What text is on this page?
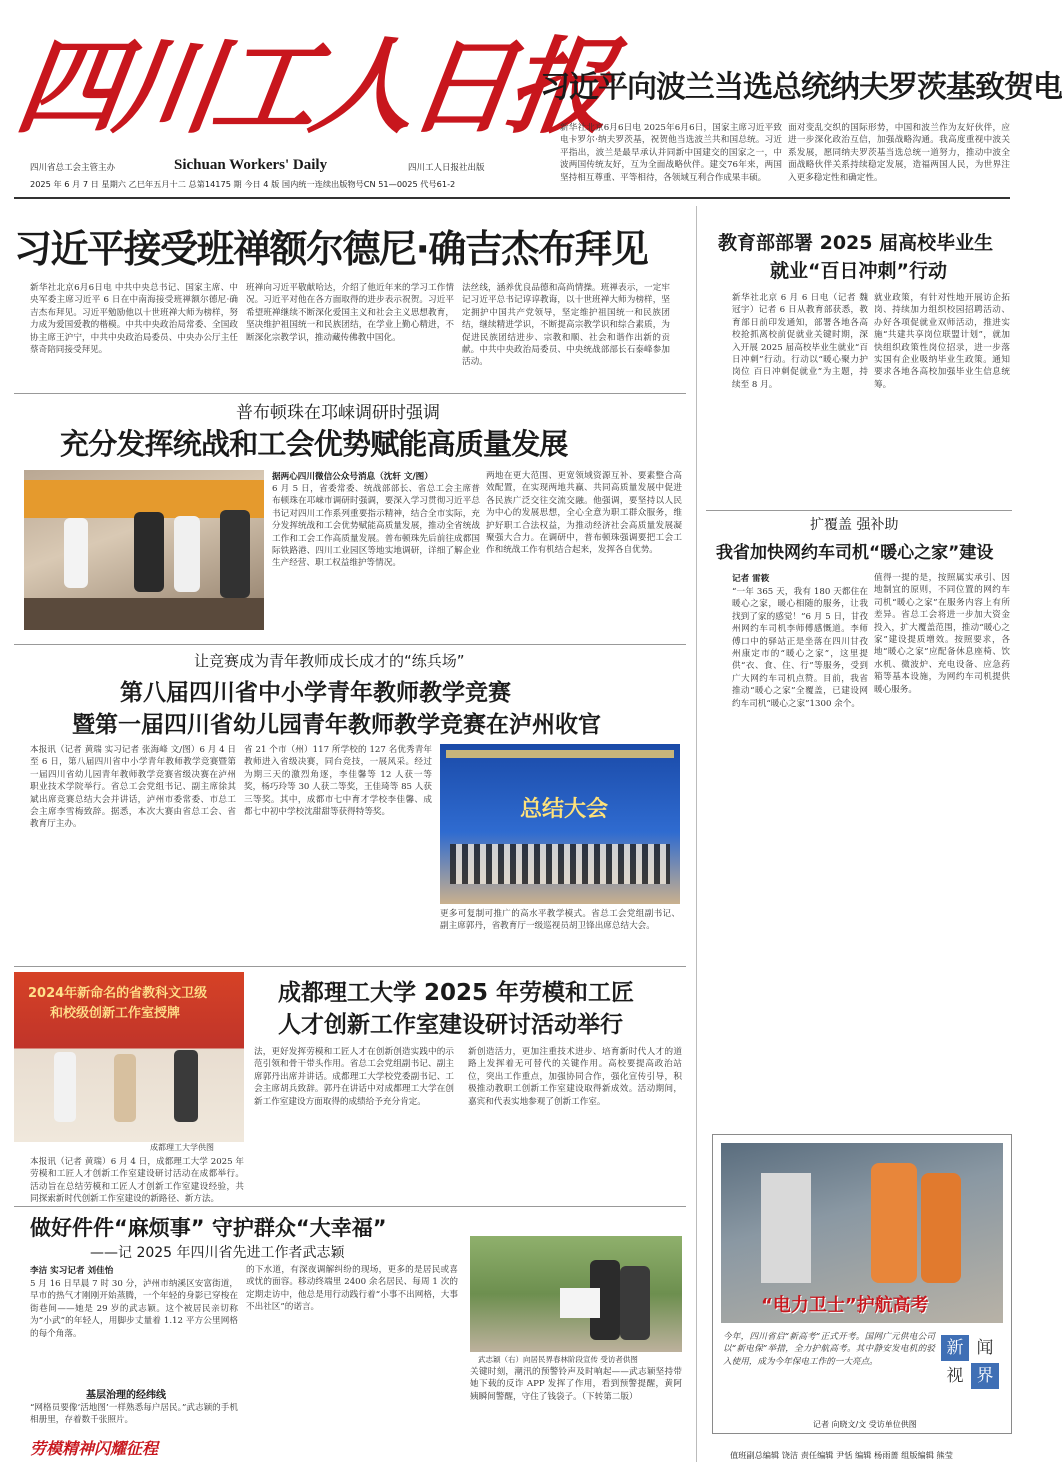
四川工人日报
四川省总工会主管主办	Sichuan Workers' Daily	四川工人日报社出版
2025 年 6 月 7 日 星期六 乙巳年五月十二 总第14175 期 今日 4 版 国内统一连续出版物号CN 51—0025 代号61-2
习近平向波兰当选总统纳夫罗茨基致贺电
新华社北京6月6日电 2025年6月6日，国家主席习近平致电卡罗尔·纳夫罗茨基，祝贺他当选波兰共和国总统。习近平指出，波兰是最早承认并同新中国建交的国家之一，中波两国传统友好，互为全面战略伙伴。建交76年来，两国坚持相互尊重、平等相待，各领域互利合作成果丰硕。
面对变乱交织的国际形势，中国和波兰作为友好伙伴，应进一步深化政治互信，加强战略沟通。我高度重视中波关系发展，愿同纳夫罗茨基当选总统一道努力，推动中波全面战略伙伴关系持续稳定发展，造福两国人民，为世界注入更多稳定性和确定性。
习近平接受班禅额尔德尼·确吉杰布拜见
新华社北京6月6日电 中共中央总书记、国家主席、中央军委主席习近平 6 日在中南海接受班禅额尔德尼·确吉杰布拜见。习近平勉励他以十世班禅大师为榜样，努力成为爱国爱教的楷模。中共中央政治局常委、全国政协主席王沪宁，中共中央政治局委员、中央办公厅主任蔡奇陪同接受拜见。
班禅向习近平敬献哈达，介绍了他近年来的学习工作情况。习近平对他在各方面取得的进步表示祝贺。习近平希望班禅继续不断深化爱国主义和社会主义思想教育，坚决维护祖国统一和民族团结，在学业上勤心精进，不断深化宗教学识，推动藏传佛教中国化。
法丝线，涵养优良品德和高尚情操。班禅表示，一定牢记习近平总书记谆谆教诲，以十世班禅大师为榜样，坚定拥护中国共产党领导，坚定维护祖国统一和民族团结，继续精进学识，不断提高宗教学识和综合素质，为促进民族团结进步、宗教和顺、社会和谐作出新的贡献。中共中央政治局委员、中央统战部部长石泰峰参加活动。
普布顿珠在邛崃调研时强调
充分发挥统战和工会优势赋能高质量发展
据两心四川微信公众号消息（沈轩 文/图）
6 月 5 日，省委常委、统战部部长、省总工会主席普布顿珠在邛崃市调研时强调，要深入学习贯彻习近平总书记对四川工作系列重要指示精神，结合全市实际，充分发挥统战和工会优势赋能高质量发展，推动全省统战工作和工会工作高质量发展。普布顿珠先后前往成都国际铁路港、四川工业园区等地实地调研，详细了解企业生产经营、职工权益维护等情况。
两地在更大范围、更宽领域资源互补、要素整合高效配置，在实现两地共赢、共同高质量发展中促进各民族广泛交往交流交融。他强调，要坚持以人民为中心的发展思想，全心全意为职工群众服务，维护好职工合法权益，为推动经济社会高质量发展凝聚强大合力。在调研中，普布顿珠强调要把工会工作和统战工作有机结合起来，发挥各自优势。
让竞赛成为青年教师成长成才的“练兵场”
第八届四川省中小学青年教师教学竞赛
暨第一届四川省幼儿园青年教师教学竞赛在泸州收官
本报讯（记者 黄瑞 实习记者 张海峰 文/图）6 月 4 日至 6 日，第八届四川省中小学青年教师教学竞赛暨第一届四川省幼儿园青年教师教学竞赛省级决赛在泸州职业技术学院举行。省总工会党组书记、副主席徐其斌出席竞赛总结大会并讲话，泸州市委常委、市总工会主席李雪梅致辞。据悉，本次大赛由省总工会、省教育厅主办。
省 21 个市（州）117 所学校的 127 名优秀青年教师进入省级决赛，同台竞技，一展风采。经过为期三天的激烈角逐，李佳馨等 12 人获一等奖，杨巧玲等 30 人获二等奖，王佳琦等 85 人获三等奖。其中，成都市七中育才学校李佳馨、成都七中初中学校沈甜甜等获得特等奖。	总结大会
更多可复制可推广的高水平教学模式。省总工会党组副书记、副主席郭丹，省教育厅一级巡视员胡卫锋出席总结大会。
2024年新命名的省教科文卫级
和校级创新工作室授牌
成都理工大学供图
成都理工大学 2025 年劳模和工匠
人才创新工作室建设研讨活动举行
法，更好发挥劳模和工匠人才在创新创造实践中的示范引领和骨干带头作用。省总工会党组副书记、副主席郭丹出席并讲话。成都理工大学校党委副书记、工会主席胡兵致辞。郭丹在讲话中对成都理工大学在创新工作室建设方面取得的成绩给予充分肯定。
新创造活力，更加注重技术进步、培育新时代人才的道路上发挥着无可替代的关键作用。高校要提高政治站位，突出工作重点，加强协同合作，强化宣传引导，积极推动教职工创新工作室建设取得新成效。活动期间，嘉宾和代表实地参观了创新工作室。
本报讯（记者 黄瑞）6 月 4 日，成都理工大学 2025 年劳模和工匠人才创新工作室建设研讨活动在成都举行。活动旨在总结劳模和工匠人才创新工作室建设经验，共同探索新时代创新工作室建设的新路径、新方法。
做好件件“麻烦事” 守护群众“大幸福”
——记 2025 年四川省先进工作者武志颖
李洁 实习记者 刘佳怡
5 月 16 日早晨 7 时 30 分，泸州市纳溪区安富街道，早市的热气才刚刚开始蒸腾，一个年轻的身影已穿梭在街巷间——她是 29 岁的武志颖。这个被居民亲切称为“小武”的年轻人，用脚步丈量着 1.12 平方公里网格的每个角落。
基层治理的经纬线
“网格员要像‘活地图’一样熟悉每户居民。”武志颖的手机相册里，存着数千张照片。
的下水道，有深夜调解纠纷的现场，更多的是居民或喜或忧的面容。移动终端里 2400 余名居民、每周 1 次的定期走访中，他总是用行动践行着“小事不出网格，大事不出社区”的诺言。
武志颖（右）向居民界春林阶段宣传 受访者供图
关键时刻，潮汛的预警铃声及时响起——武志颖坚持带她下载的反诈 APP 发挥了作用，看到预警提醒，黄阿姨瞬间警醒，守住了钱袋子。（下转第二版）
劳模精神闪耀征程
教育部部署 2025 届高校毕业生
就业“百日冲刺”行动
新华社北京 6 月 6 日电（记者 魏冠宇）记者 6 日从教育部获悉，教育部日前印发通知，部署各地各高校抢抓离校前促就业关键时期，深入开展 2025 届高校毕业生就业“百日冲刺”行动。行动以“暖心聚力护岗位 百日冲刺促就业”为主题，持续至 8 月。
就业政策，有针对性地开展访企拓岗、持续加力组织校园招聘活动、办好各项促就业双师活动，推进实施“共建共享岗位联盟计划”，就加快组织政策性岗位招录，进一步落实国有企业吸纳毕业生政策。通知要求各地各高校加强毕业生信息统筹。
扩覆盖 强补助
我省加快网约车司机“暖心之家”建设
记者 雷筱
“一年 365 天，我有 180 天都住在暖心之家，暖心相随的服务，让我找到了家的感觉！”6 月 5 日，甘孜州网约车司机李师傅感慨道。李师傅口中的驿站正是坐落在四川甘孜州康定市的“暖心之家”，这里提供“衣、食、住、行”等服务，受到广大网约车司机点赞。目前，我省推动“暖心之家”全覆盖，已建设网约车司机“暖心之家”1300 余个。
值得一提的是，按照属实承引、因地制宜的原则，不同位置的网约车司机“暖心之家”在服务内容上有所差异。省总工会将进一步加大资金投入，扩大覆盖范围，推动“暖心之家”建设提质增效。按照要求，各地“暖心之家”应配备休息座椅、饮水机、微波炉、充电设备、应急药箱等基本设施，为网约车司机提供暖心服务。
“电力卫士”护航高考
新 闻
视 界
今年，四川省启“新高考”正式开考。国网广元供电公司以“新电保”举措，全力护航高考。其中静安发电机的驳入使用，成为今年保电工作的一大亮点。
记者 向晓文/文 受访单位供图
值班副总编辑 饶洁 责任编辑 尹恬 编辑 杨雨蔷 组版编辑 熊莹
